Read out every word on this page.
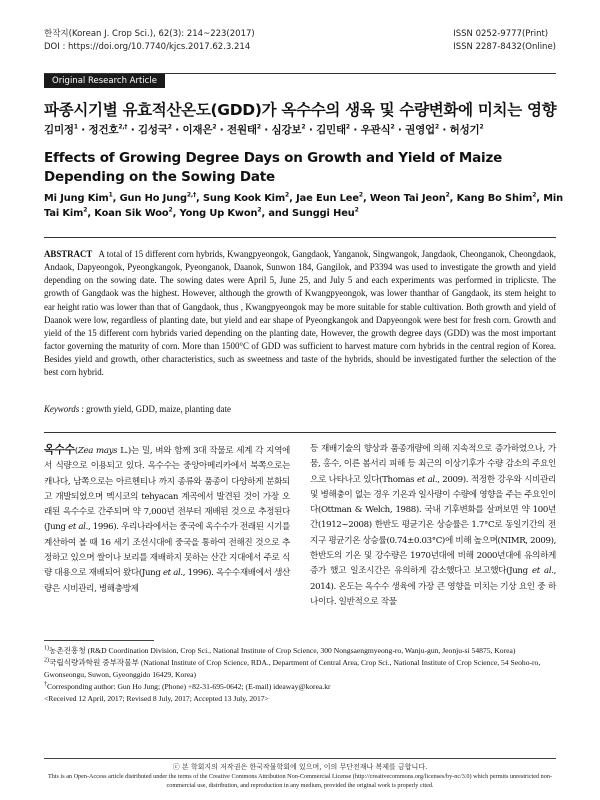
한작지(Korean J. Crop Sci.), 62(3): 214~223(2017)
DOI : https://doi.org/10.7740/kjcs.2017.62.3.214
ISSN 0252-9777(Print)
ISSN 2287-8432(Online)
Original Research Article
파종시기별 유효적산온도(GDD)가 옥수수의 생육 및 수량변화에 미치는 영향
김미정$^1$ · 정건호$^{2,\dagger}$ · 김성국$^2$ · 이재은$^2$ · 전원태$^2$ · 심강보$^2$ · 김민태$^2$ · 우관식$^2$ · 권영업$^2$ · 허성기$^2$
Effects of Growing Degree Days on Growth and Yield of Maize Depending on the Sowing Date
Mi Jung Kim$^1$, Gun Ho Jung$^{2,\dagger}$, Sung Kook Kim$^2$, Jae Eun Lee$^2$, Weon Tai Jeon$^2$, Kang Bo Shim$^2$, Min Tai Kim$^2$, Koan Sik Woo$^2$, Yong Up Kwon$^2$, and Sunggi Heu$^2$
ABSTRACT A total of 15 different corn hybrids, Kwangpyeongok, Gangdaok, Yanganok, Singwangok, Jangdaok, Cheonganok, Cheongdaok, Andaok, Dapyeongok, Pyeongkangok, Pyeonganok, Daanok, Sunwon 184, Gangilok, and P3394 was used to investigate the growth and yield depending on the sowing date. The sowing dates were April 5, June 25, and July 5 and each experiments was performed in triplicste. The growth of Gangdaok was the highest. However, although the growth of Kwangpyeongok, was lower thanthar of Gangdaok, its stem height to ear height ratio was lower than that of Gangdaok, thus , Kwangpyeongok may be more suitable for stable cultivation. Both growth and yield of Daanok were low, regardless of planting date, but yield and ear shape of Pyeongkangok and Dapyeongok were best for fresh corn. Growth and yield of the 15 different corn hybrids varied depending on the planting date, However, the growth degree days (GDD) was the most important factor governing the maturity of corn. More than 1500°C of GDD was sufficient to harvest mature corn hybrids in the central region of Korea. Besides yield and growth, other characteristics, such as sweetness and taste of the hybrids, should be investigated further the selection of the best corn hybrid.
Keywords : growth yield, GDD, maize, planting date
옥수수(Zea mays L.)는 밀, 벼와 함께 3대 작물로 세계 각 지역에서 식량으로 이용되고 있다. 옥수수는 중앙아메리카에서 북쪽으로는 캐나다, 남쪽으로는 아르헨티나 까지 종류와 품종이 다양하게 분화되고 개발되었으며 멕시코의 tehyacan 계곡에서 발견된 것이 가장 오래된 옥수수로 간주되며 약 7,000년 전부터 재배된 것으로 추정된다(Jung et al., 1996). 우리나라에서는 중국에 옥수수가 전래된 시기를 계산하여 볼 때 16 세기 조선시대에 중국을 통하여 전해진 것으로 추정하고 있으며 쌀이나 보리를 재배하지 못하는 산간 지대에서 주로 식량 대용으로 재배되어 왔다(Jung et al., 1996). 옥수수재배에서 생산량은 시비관리, 병해충방제
등 재배기술의 향상과 품종개량에 의해 지속적으로 증가하였으나, 가뭄, 홍수, 이른 봄서리 피해 등 최근의 이상기후가 수량 감소의 주요인으로 나타나고 있다(Thomas et al., 2009). 적정한 강우와 시비관리 및 병해충이 없는 경우 기온과 일사량이 수량에 영향을 주는 주요인이다(Ottman & Welch, 1988). 국내 기후변화를 살펴보면 약 100년간(1912~2008) 한반도 평균기온 상승률은 1.7°C로 동일기간의 전지구 평균기온 상승률(0.74±0.03°C)에 비해 높으며(NIMR, 2009), 한반도의 기온 및 강수량은 1970년대에 비해 2000년대에 유의하게 증가 했고 일조시간은 유의하게 감소했다고 보고했다(Jung et al., 2014). 온도는 옥수수 생육에 가장 큰 영향을 미치는 기상 요인 중 하나이다. 일반적으로 작물

$^{1)}$농촌진흥청 (R&D Coordination Division, Crop Sci., National Institute of Crop Science, 300 Nongsaengmyeong-ro, Wanju-gun, Jeonju-si 54875, Korea)

$^{2)}$국립식량과학원 중부작물부 (National Institute of Crop Science, RDA., Department of Central Area, Crop Sci., National Institute of Crop Science, 54 Seoho-ro, Gwonseongu, Suwon, Gyeonggido 16429, Korea)

†Corresponding author: Gun Ho Jung; (Phone) +82-31-695-0642; (E-mail) ideaway@korea.kr

<Received 12 April, 2017; Revised 8 July, 2017; Accepted 13 July, 2017>

ⓒ 본 학회지의 저작권은 한국작물학회에 있으며, 이의 무단전재나 복제를 금합니다.
This is an Open-Access article distributed under the terms of the Creative Commons Attribution Non-Commercial License (http://creativecommons.org/licenses/by-nc/3.0) which permits unrestricted non-commercial use, distribution, and reproduction in any medium, provided the original work is properly cited.
